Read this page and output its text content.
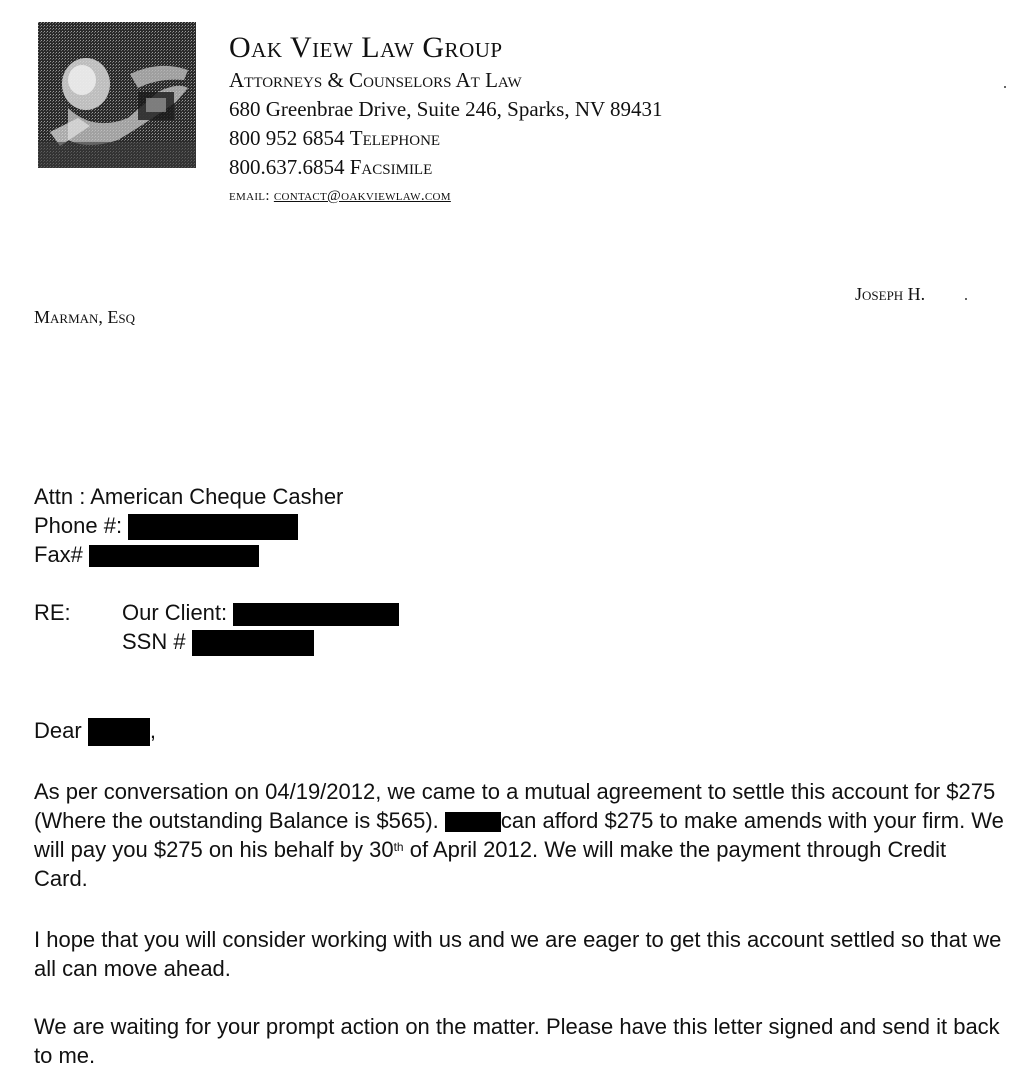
Oak View Law Group
Attorneys & Counselors At Law
680 Greenbrae Drive, Suite 246, Sparks, NV 89431
800 952 6854 Telephone
800.637.6854 Facsimile
email: contact@oakviewlaw.com
Joseph H.
Marman, Esq
Attn : American Cheque Casher
Phone #:
Fax#
RE: Our Client:
SSN #
Dear	,

As per conversation on 04/19/2012, we came to a mutual agreement to settle this account for $275 (Where the outstanding Balance is $565).	can afford $275 to make amends with your firm. We will pay you $275 on his behalf by 30th of April 2012. We will make the payment through Credit Card.

I hope that you will consider working with us and we are eager to get this account settled so that we all can move ahead.

We are waiting for your prompt action on the matter. Please have this letter signed and send it back to me.
